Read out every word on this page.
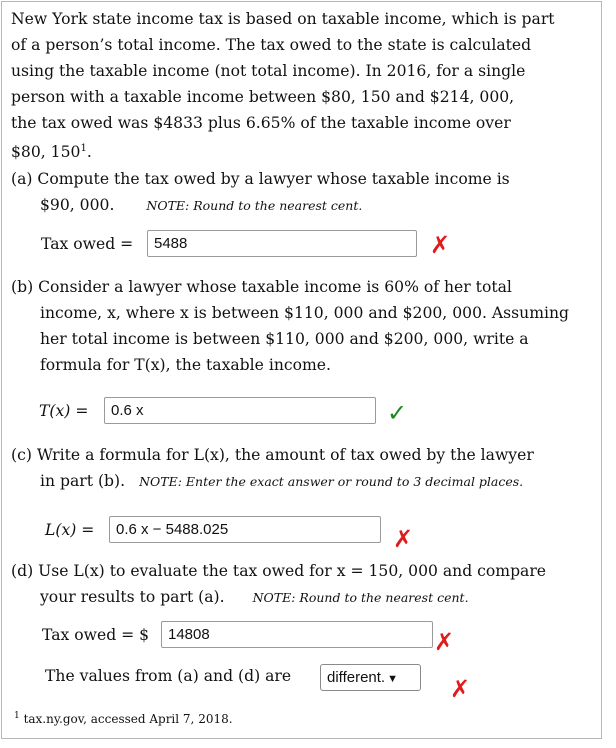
New York state income tax is based on taxable income, which is part
of a person’s total income. The tax owed to the state is calculated
using the taxable income (not total income). In 2016, for a single
person with a taxable income between $80, 150 and $214, 000,
the tax owed was $4833 plus 6.65% of the taxable income over
$80, $150^1$.
(a) Compute the tax owed by a lawyer whose taxable income is
$90, 000.	NOTE: Round to the nearest cent.
Tax owed =	5488	✗
(b) Consider a lawyer whose taxable income is 60% of her total
income, x, where x is between $110, 000 and $200, 000. Assuming
her total income is between $110, 000 and $200, 000, write a
formula for T(x), the taxable income.
T(x) =	0.6 x	✓
(c) Write a formula for L(x), the amount of tax owed by the lawyer
in part (b). NOTE: Enter the exact answer or round to 3 decimal places.
L(x) =	0.6 x − 5488.025	✗
(d) Use L(x) to evaluate the tax owed for x = 150, 000 and compare
your results to part (a). NOTE: Round to the nearest cent.
Tax owed = $	14808	✗
The values from (a) and (d) are	different. ▼	✗
$^1$ tax.ny.gov, accessed April 7, 2018.
